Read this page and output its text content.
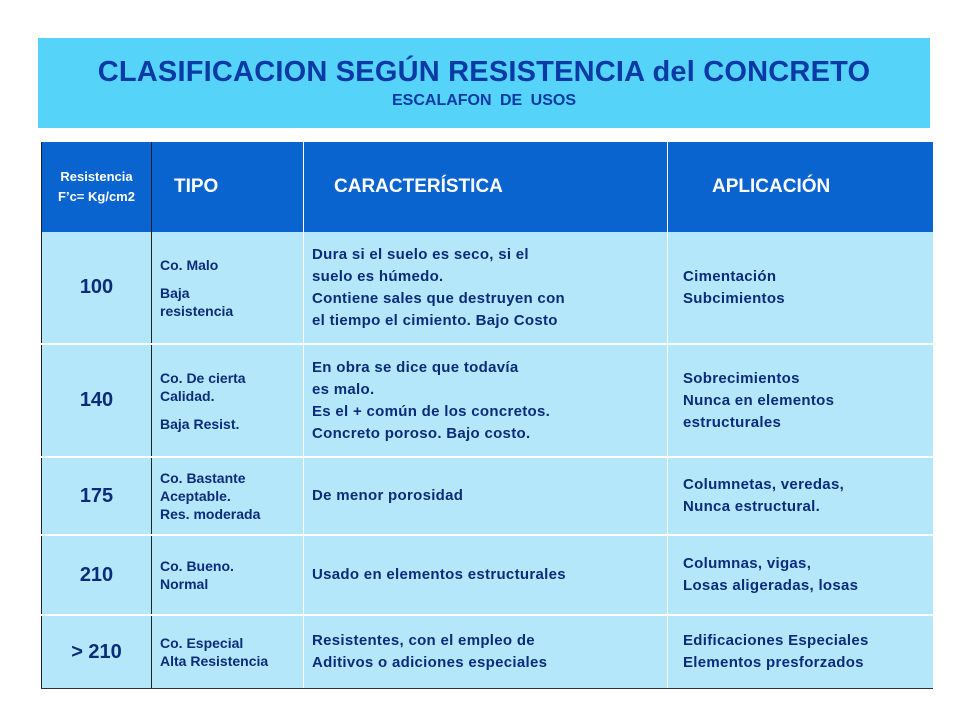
CLASIFICACION SEGÚN RESISTENCIA del CONCRETO
ESCALAFON DE USOS
Resistencia
F’c= Kg/cm2	TIPO	CARACTERÍSTICA	APLICACIÓN
100	Co. Malo
Baja
resistencia	Dura si el suelo es seco, si el
suelo es húmedo.
Contiene sales que destruyen con
el tiempo el cimiento. Bajo Costo	Cimentación
Subcimientos

140	Co. De cierta
Calidad.
Baja Resist.	En obra se dice que todavía
es malo.
Es el + común de los concretos.
Concreto poroso. Bajo costo.	Sobrecimientos
Nunca en elementos
estructurales

175	Co. Bastante
Aceptable.
Res. moderada	De menor porosidad	Columnetas, veredas,
Nunca estructural.

210	Co. Bueno.
Normal	Usado en elementos estructurales	Columnas, vigas,
Losas aligeradas, losas

> 210	Co. Especial
Alta Resistencia	Resistentes, con el empleo de
Aditivos o adiciones especiales	Edificaciones Especiales
Elementos presforzados
